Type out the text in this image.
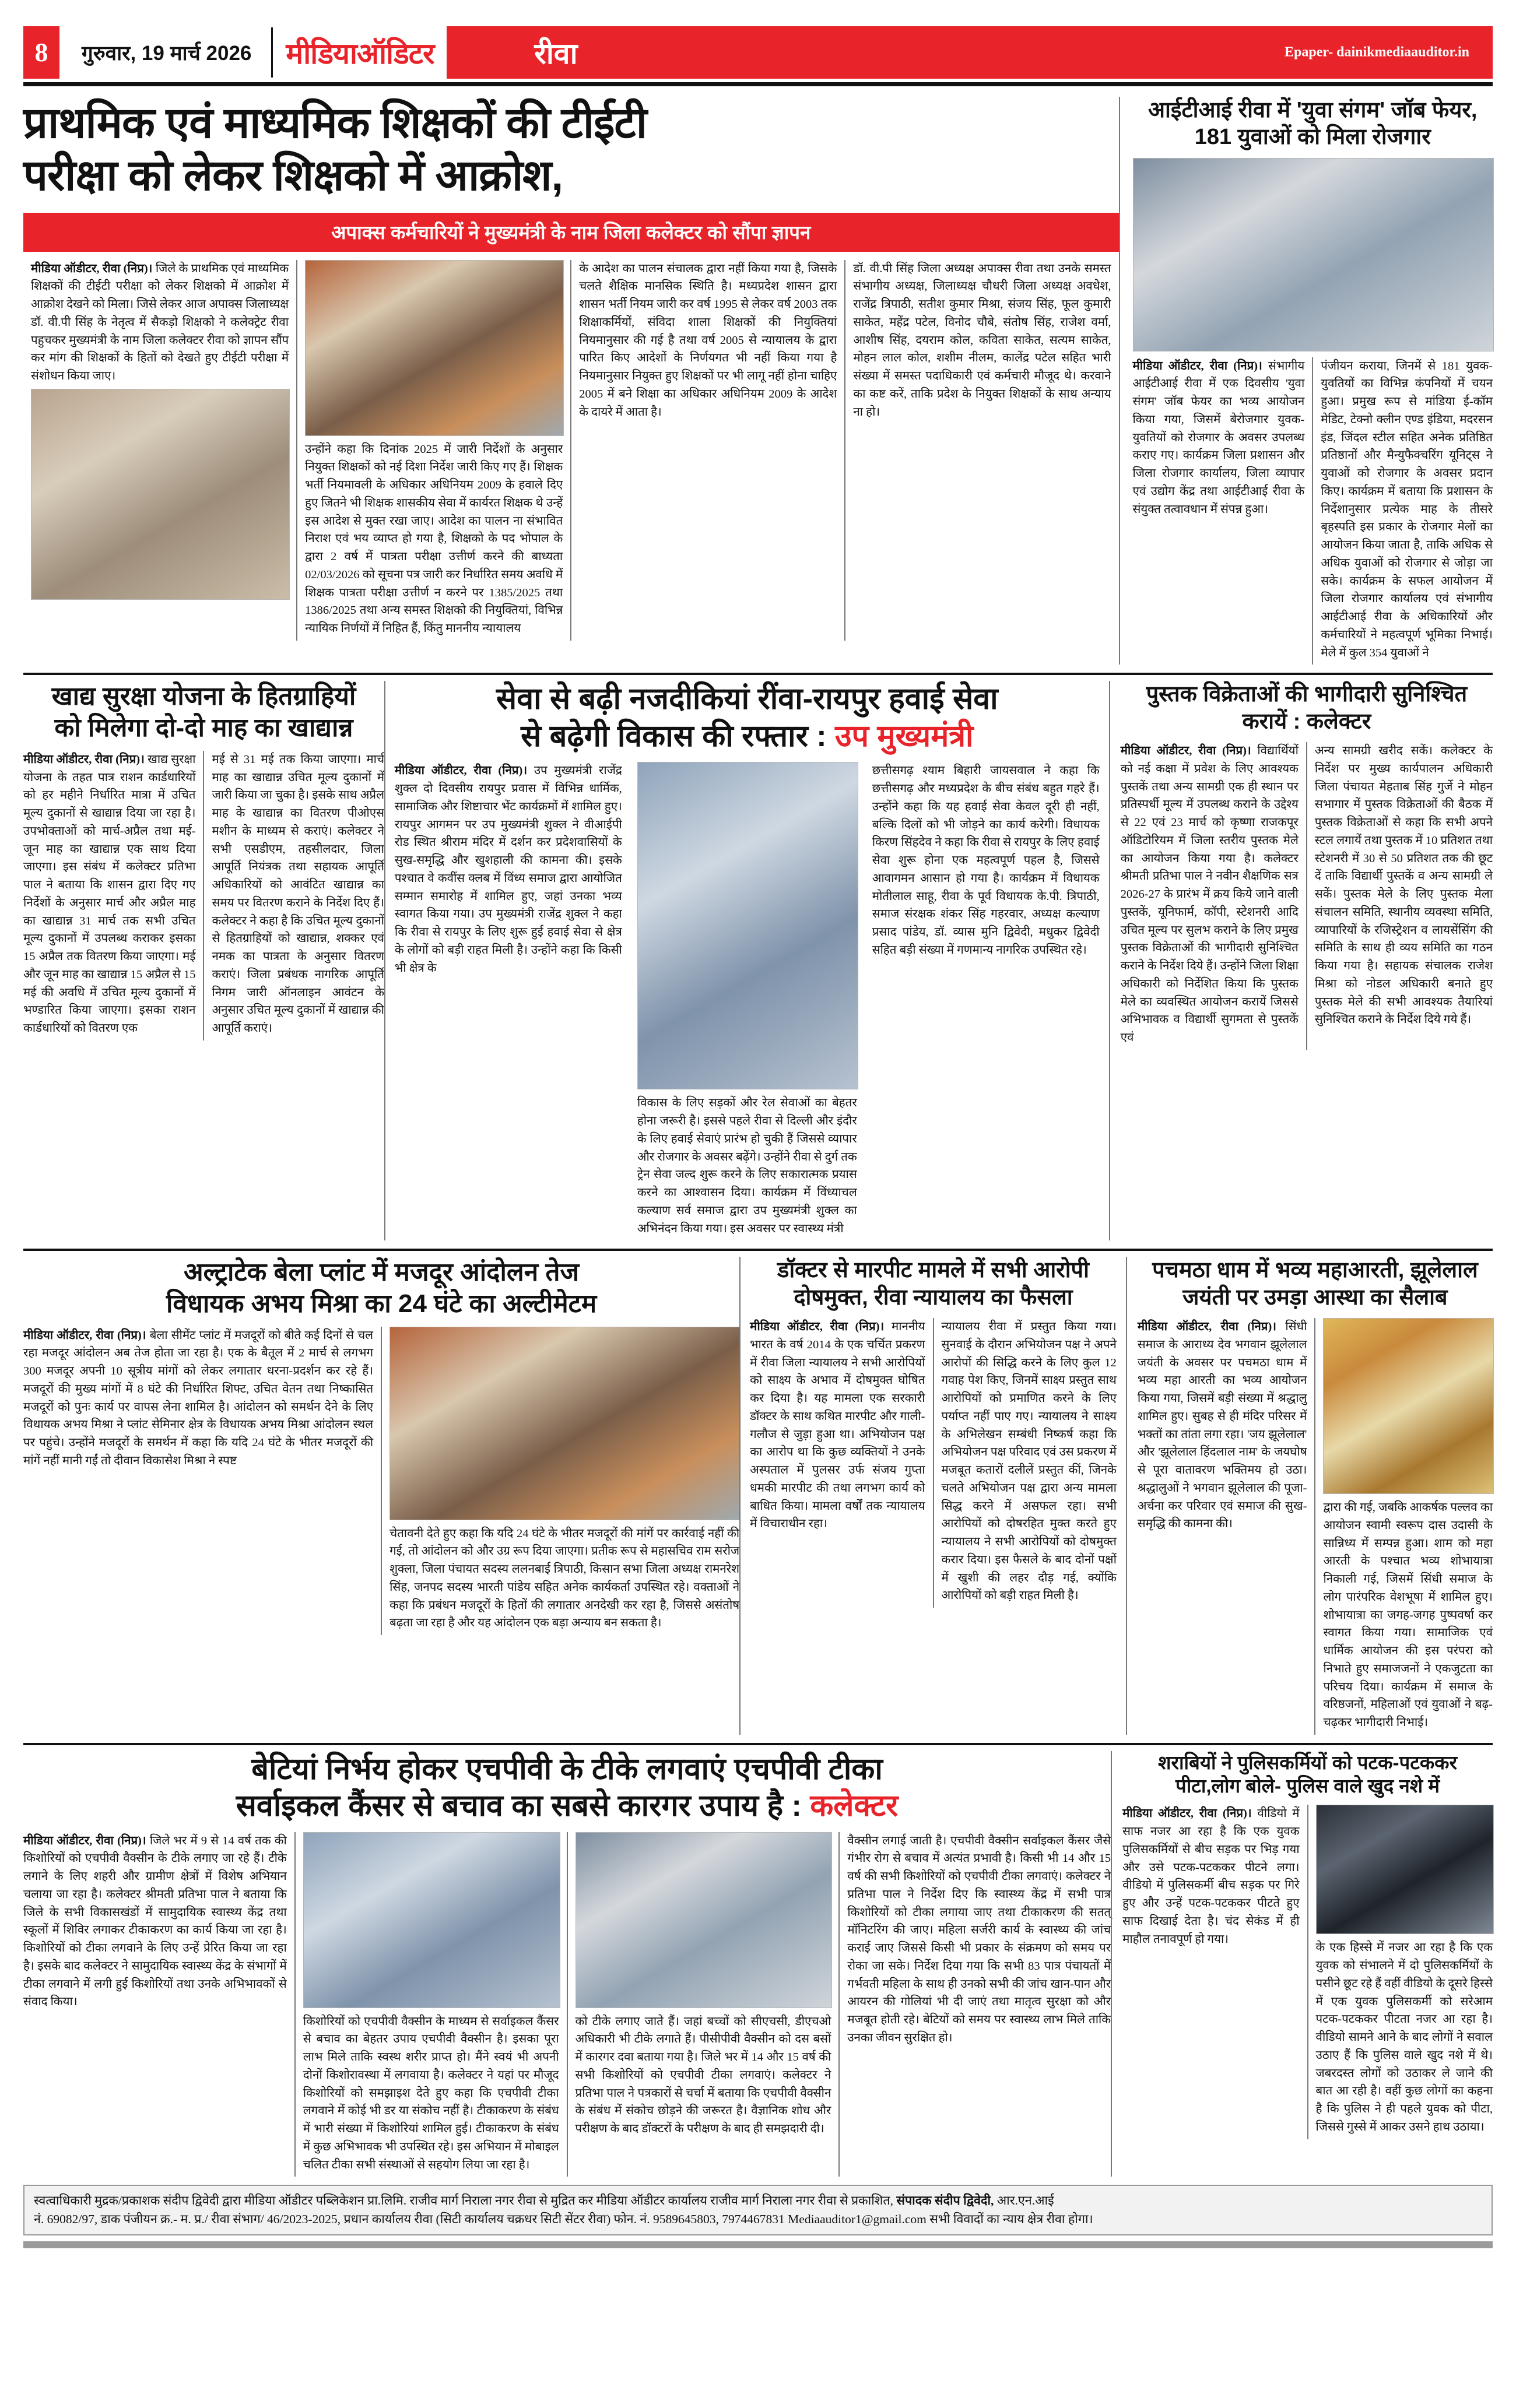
8	गुरुवार, 19 मार्च 2026	मीडियाऑडिटर	रीवा	Epaper- dainikmediaauditor.in
प्राथमिक एवं माध्यमिक शिक्षकों की टीईटी
परीक्षा को लेकर शिक्षको में आक्रोश,
अपाक्स कर्मचारियों ने मुख्यमंत्री के नाम जिला कलेक्टर को सौंपा ज्ञापन

मीडिया ऑडीटर, रीवा (निप्र)। जिले के प्राथमिक एवं माध्यमिक शिक्षकों की टीईटी परीक्षा को लेकर शिक्षको में आक्रोश में आक्रोश देखने को मिला। जिसे लेकर आज अपाक्स जिलाध्यक्ष डॉ. वी.पी सिंह के नेतृत्व में सैकड़ो शिक्षको ने कलेक्ट्रेट रीवा पहुचकर मुख्यमंत्री के नाम जिला कलेक्टर रीवा को ज्ञापन सौंप कर मांग की शिक्षकों के हितों को देखते हुए टीईटी परीक्षा में संशोधन किया जाए।

उन्होंने कहा कि दिनांक 2025 में जारी निर्देशों के अनुसार नियुक्त शिक्षकों को नई दिशा निर्देश जारी किए गए हैं। शिक्षक भर्ती नियमावली के अधिकार अधिनियम 2009 के हवाले दिए हुए जितने भी शिक्षक शासकीय सेवा में कार्यरत शिक्षक थे उन्हें इस आदेश से मुक्त रखा जाए। आदेश का पालन ना संभावित निराश एवं भय व्याप्त हो गया है, शिक्षको के पद भोपाल के द्वारा 2 वर्ष में पात्रता परीक्षा उत्तीर्ण करने की बाध्यता 02/03/2026 को सूचना पत्र जारी कर निर्धारित समय अवधि में शिक्षक पात्रता परीक्षा उत्तीर्ण न करने पर 1385/2025 तथा 1386/2025 तथा अन्य समस्त शिक्षको की नियुक्तियां, विभिन्न न्यायिक निर्णयों में निहित हैं, किंतु माननीय न्यायालय

के आदेश का पालन संचालक द्वारा नहीं किया गया है, जिसके चलते शैक्षिक मानसिक स्थिति है। मध्यप्रदेश शासन द्वारा शासन भर्ती नियम जारी कर वर्ष 1995 से लेकर वर्ष 2003 तक शिक्षाकर्मियों, संविदा शाला शिक्षकों की नियुक्तियां नियमानुसार की गई है तथा वर्ष 2005 से न्यायालय के द्वारा पारित किए आदेशों के निर्णयगत भी नहीं किया गया है नियमानुसार नियुक्त हुए शिक्षकों पर भी लागू नहीं होना चाहिए 2005 में बने शिक्षा का अधिकार अधिनियम 2009 के आदेश के दायरे में आता है।

डॉ. वी.पी सिंह जिला अध्यक्ष अपाक्स रीवा तथा उनके समस्त संभागीय अध्यक्ष, जिलाध्यक्ष चौधरी जिला अध्यक्ष अवधेश, राजेंद्र त्रिपाठी, सतीश कुमार मिश्रा, संजय सिंह, फूल कुमारी साकेत, महेंद्र पटेल, विनोद चौबे, संतोष सिंह, राजेश वर्मा, आशीष सिंह, दयराम कोल, कविता साकेत, सत्यम साकेत, मोहन लाल कोल, शशीम नीलम, कालेंद्र पटेल सहित भारी संख्या में समस्त पदाधिकारी एवं कर्मचारी मौजूद थे। करवाने का कष्ट करें, ताकि प्रदेश के नियुक्त शिक्षकों के साथ अन्याय ना हो।

आईटीआई रीवा में 'युवा संगम' जॉब फेयर, 181 युवाओं को मिला रोजगार

मीडिया ऑडीटर, रीवा (निप्र)। संभागीय आईटीआई रीवा में एक दिवसीय 'युवा संगम' जॉब फेयर का भव्य आयोजन किया गया, जिसमें बेरोजगार युवक-युवतियों को रोजगार के अवसर उपलब्ध कराए गए। कार्यक्रम जिला प्रशासन और जिला रोजगार कार्यालय, जिला व्यापार एवं उद्योग केंद्र तथा आईटीआई रीवा के संयुक्त तत्वावधान में संपन्न हुआ।

पंजीयन कराया, जिनमें से 181 युवक-युवतियों का विभिन्न कंपनियों में चयन हुआ। प्रमुख रूप से मांडिया ई-कॉम मेडिट, टेक्नो क्लीन एण्ड इंडिया, मदरसन इंड, जिंदल स्टील सहित अनेक प्रतिष्ठित प्रतिष्ठानों और मैन्युफैक्चरिंग यूनिट्स ने युवाओं को रोजगार के अवसर प्रदान किए। कार्यक्रम में बताया कि प्रशासन के निर्देशानुसार प्रत्येक माह के तीसरे बृहस्पति इस प्रकार के रोजगार मेलों का आयोजन किया जाता है, ताकि अधिक से अधिक युवाओं को रोजगार से जोड़ा जा सके। कार्यक्रम के सफल आयोजन में जिला रोजगार कार्यालय एवं संभागीय आईटीआई रीवा के अधिकारियों और कर्मचारियों ने महत्वपूर्ण भूमिका निभाई। मेले में कुल 354 युवाओं ने

खाद्य सुरक्षा योजना के हितग्राहियों
को मिलेगा दो-दो माह का खाद्यान्न

मीडिया ऑडीटर, रीवा (निप्र)। खाद्य सुरक्षा योजना के तहत पात्र राशन कार्डधारियों को हर महीने निर्धारित मात्रा में उचित मूल्य दुकानों से खाद्यान्न दिया जा रहा है। उपभोक्ताओं को मार्च-अप्रैल तथा मई-जून माह का खाद्यान्न एक साथ दिया जाएगा। इस संबंध में कलेक्टर प्रतिभा पाल ने बताया कि शासन द्वारा दिए गए निर्देशों के अनुसार मार्च और अप्रैल माह का खाद्यान्न 31 मार्च तक सभी उचित मूल्य दुकानों में उपलब्ध कराकर इसका 15 अप्रैल तक वितरण किया जाएगा। मई और जून माह का खाद्यान्न 15 अप्रैल से 15 मई की अवधि में उचित मूल्य दुकानों में भण्डारित किया जाएगा। इसका राशन कार्डधारियों को वितरण एक

मई से 31 मई तक किया जाएगा। मार्च माह का खाद्यान्न उचित मूल्य दुकानों में जारी किया जा चुका है। इसके साथ अप्रैल माह के खाद्यान्न का वितरण पीओएस मशीन के माध्यम से कराएं। कलेक्टर ने सभी एसडीएम, तहसीलदार, जिला आपूर्ति नियंत्रक तथा सहायक आपूर्ति अधिकारियों को आवंटित खाद्यान्न का समय पर वितरण कराने के निर्देश दिए हैं। कलेक्टर ने कहा है कि उचित मूल्य दुकानों से हितग्राहियों को खाद्यान्न, शक्कर एवं नमक का पात्रता के अनुसार वितरण कराएं। जिला प्रबंधक नागरिक आपूर्ति निगम जारी ऑनलाइन आवंटन के अनुसार उचित मूल्य दुकानों में खाद्यान्न की आपूर्ति कराएं।

सेवा से बढ़ी नजदीकियां रींवा-रायपुर हवाई सेवा
से बढ़ेगी विकास की रफ्तार : उप मुख्यमंत्री

मीडिया ऑडीटर, रीवा (निप्र)। उप मुख्यमंत्री राजेंद्र शुक्ल दो दिवसीय रायपुर प्रवास में विभिन्न धार्मिक, सामाजिक और शिष्टाचार भेंट कार्यक्रमों में शामिल हुए। रायपुर आगमन पर उप मुख्यमंत्री शुक्ल ने वीआईपी रोड स्थित श्रीराम मंदिर में दर्शन कर प्रदेशवासियों के सुख-समृद्धि और खुशहाली की कामना की। इसके पश्चात वे कवींस क्लब में विंध्य समाज द्वारा आयोजित सम्मान समारोह में शामिल हुए, जहां उनका भव्य स्वागत किया गया। उप मुख्यमंत्री राजेंद्र शुक्ल ने कहा कि रीवा से रायपुर के लिए शुरू हुई हवाई सेवा से क्षेत्र के लोगों को बड़ी राहत मिली है। उन्होंने कहा कि किसी भी क्षेत्र के

विकास के लिए सड़कों और रेल सेवाओं का बेहतर होना जरूरी है। इससे पहले रीवा से दिल्ली और इंदौर के लिए हवाई सेवाएं प्रारंभ हो चुकी हैं जिससे व्यापार और रोजगार के अवसर बढ़ेंगे। उन्होंने रीवा से दुर्ग तक ट्रेन सेवा जल्द शुरू करने के लिए सकारात्मक प्रयास करने का आश्वासन दिया। कार्यक्रम में विंध्याचल कल्याण सर्व समाज द्वारा उप मुख्यमंत्री शुक्ल का अभिनंदन किया गया। इस अवसर पर स्वास्थ्य मंत्री

छत्तीसगढ़ श्याम बिहारी जायसवाल ने कहा कि छत्तीसगढ़ और मध्यप्रदेश के बीच संबंध बहुत गहरे हैं। उन्होंने कहा कि यह हवाई सेवा केवल दूरी ही नहीं, बल्कि दिलों को भी जोड़ने का कार्य करेगी। विधायक किरण सिंहदेव ने कहा कि रीवा से रायपुर के लिए हवाई सेवा शुरू होना एक महत्वपूर्ण पहल है, जिससे आवागमन आसान हो गया है। कार्यक्रम में विधायक मोतीलाल साहू, रीवा के पूर्व विधायक के.पी. त्रिपाठी, समाज संरक्षक शंकर सिंह गहरवार, अध्यक्ष कल्याण प्रसाद पांडेय, डॉ. व्यास मुनि द्विवेदी, मधुकर द्विवेदी सहित बड़ी संख्या में गणमान्य नागरिक उपस्थित रहे।

पुस्तक विक्रेताओं की भागीदारी सुनिश्चित
करायें : कलेक्टर

मीडिया ऑडीटर, रीवा (निप्र)। विद्यार्थियों को नई कक्षा में प्रवेश के लिए आवश्यक पुस्तकें तथा अन्य सामग्री एक ही स्थान पर प्रतिस्पर्धी मूल्य में उपलब्ध कराने के उद्देश्य से 22 एवं 23 मार्च को कृष्णा राजकपूर ऑडिटोरियम में जिला स्तरीय पुस्तक मेले का आयोजन किया गया है। कलेक्टर श्रीमती प्रतिभा पाल ने नवीन शैक्षणिक सत्र 2026-27 के प्रारंभ में क्रय किये जाने वाली पुस्तकें, यूनिफार्म, कॉपी, स्टेशनरी आदि उचित मूल्य पर सुलभ कराने के लिए प्रमुख पुस्तक विक्रेताओं की भागीदारी सुनिश्चित कराने के निर्देश दिये हैं। उन्होंने जिला शिक्षा अधिकारी को निर्देशित किया कि पुस्तक मेले का व्यवस्थित आयोजन करायें जिससे अभिभावक व विद्यार्थी सुगमता से पुस्तकें एवं

अन्य सामग्री खरीद सकें। कलेक्टर के निर्देश पर मुख्य कार्यपालन अधिकारी जिला पंचायत मेहताब सिंह गुर्जे ने मोहन सभागार में पुस्तक विक्रेताओं की बैठक में पुस्तक विक्रेताओं से कहा कि सभी अपने स्टल लगायें तथा पुस्तक में 10 प्रतिशत तथा स्टेशनरी में 30 से 50 प्रतिशत तक की छूट दें ताकि विद्यार्थी पुस्तकें व अन्य सामग्री ले सकें। पुस्तक मेले के लिए पुस्तक मेला संचालन समिति, स्थानीय व्यवस्था समिति, व्यापारियों के रजिस्ट्रेशन व लायसेंसिंग की समिति के साथ ही व्यय समिति का गठन किया गया है। सहायक संचालक राजेश मिश्रा को नोडल अधिकारी बनाते हुए पुस्तक मेले की सभी आवश्यक तैयारियां सुनिश्चित कराने के निर्देश दिये गये हैं।

अल्ट्राटेक बेला प्लांट में मजदूर आंदोलन तेज
विधायक अभय मिश्रा का 24 घंटे का अल्टीमेटम

मीडिया ऑडीटर, रीवा (निप्र)। बेला सीमेंट प्लांट में मजदूरों को बीते कई दिनों से चल रहा मजदूर आंदोलन अब तेज होता जा रहा है। एक के बैतूल में 2 मार्च से लगभग 300 मजदूर अपनी 10 सूत्रीय मांगों को लेकर लगातार धरना-प्रदर्शन कर रहे हैं। मजदूरों की मुख्य मांगों में 8 घंटे की निर्धारित शिफ्ट, उचित वेतन तथा निष्कासित मजदूरों को पुनः कार्य पर वापस लेना शामिल है। आंदोलन को समर्थन देने के लिए विधायक अभय मिश्रा ने प्लांट सेमिनार क्षेत्र के विधायक अभय मिश्रा आंदोलन स्थल पर पहुंचे। उन्होंने मजदूरों के समर्थन में कहा कि यदि 24 घंटे के भीतर मजदूरों की मांगें नहीं मानी गईं तो दीवान विकासेश मिश्रा ने स्पष्ट

चेतावनी देते हुए कहा कि यदि 24 घंटे के भीतर मजदूरों की मांगें पर कार्रवाई नहीं की गई, तो आंदोलन को और उग्र रूप दिया जाएगा। प्रतीक रूप से महासचिव राम सरोज शुक्ला, जिला पंचायत सदस्य ललनबाई त्रिपाठी, किसान सभा जिला अध्यक्ष रामनरेश सिंह, जनपद सदस्य भारती पांडेय सहित अनेक कार्यकर्ता उपस्थित रहे। वक्ताओं ने कहा कि प्रबंधन मजदूरों के हितों की लगातार अनदेखी कर रहा है, जिससे असंतोष बढ़ता जा रहा है और यह आंदोलन एक बड़ा अन्याय बन सकता है।

डॉक्टर से मारपीट मामले में सभी आरोपी
दोषमुक्त, रीवा न्यायालय का फैसला

मीडिया ऑडीटर, रीवा (निप्र)। माननीय भारत के वर्ष 2014 के एक चर्चित प्रकरण में रीवा जिला न्यायालय ने सभी आरोपियों को साक्ष्य के अभाव में दोषमुक्त घोषित कर दिया है। यह मामला एक सरकारी डॉक्टर के साथ कथित मारपीट और गाली-गलौज से जुड़ा हुआ था। अभियोजन पक्ष का आरोप था कि कुछ व्यक्तियों ने उनके अस्पताल में पुलसर उर्फ संजय गुप्ता धमकी मारपीट की तथा लगभग कार्य को बाधित किया। मामला वर्षों तक न्यायालय में विचाराधीन रहा।

न्यायालय रीवा में प्रस्तुत किया गया। सुनवाई के दौरान अभियोजन पक्ष ने अपने आरोपों की सिद्धि करने के लिए कुल 12 गवाह पेश किए, जिनमें साक्ष्य प्रस्तुत साथ आरोपियों को प्रमाणित करने के लिए पर्याप्त नहीं पाए गए। न्यायालय ने साक्ष्य के अभिलेखन सम्बंधी निष्कर्ष कहा कि अभियोजन पक्ष परिवाद एवं उस प्रकरण में मजबूत कतारों दलीलें प्रस्तुत कीं, जिनके चलते अभियोजन पक्ष द्वारा अन्य मामला सिद्ध करने में असफल रहा। सभी आरोपियों को दोषरहित मुक्त करते हुए न्यायालय ने सभी आरोपियों को दोषमुक्त करार दिया। इस फैसले के बाद दोनों पक्षों में खुशी की लहर दौड़ गई, क्योंकि आरोपियों को बड़ी राहत मिली है।

पचमठा धाम में भव्य महाआरती, झूलेलाल
जयंती पर उमड़ा आस्था का सैलाब

मीडिया ऑडीटर, रीवा (निप्र)। सिंधी समाज के आराध्य देव भगवान झूलेलाल जयंती के अवसर पर पचमठा धाम में भव्य महा आरती का भव्य आयोजन किया गया, जिसमें बड़ी संख्या में श्रद्धालु शामिल हुए। सुबह से ही मंदिर परिसर में भक्तों का तांता लगा रहा। 'जय झूलेलाल' और 'झूलेलाल हिंदलाल नाम' के जयघोष से पूरा वातावरण भक्तिमय हो उठा। श्रद्धालुओं ने भगवान झूलेलाल की पूजा-अर्चना कर परिवार एवं समाज की सुख-समृद्धि की कामना की।

द्वारा की गई, जबकि आकर्षक पल्लव का आयोजन स्वामी स्वरूप दास उदासी के सान्निध्य में सम्पन्न हुआ। शाम को महा आरती के पश्चात भव्य शोभायात्रा निकाली गई, जिसमें सिंधी समाज के लोग पारंपरिक वेशभूषा में शामिल हुए। शोभायात्रा का जगह-जगह पुष्पवर्षा कर स्वागत किया गया। सामाजिक एवं धार्मिक आयोजन की इस परंपरा को निभाते हुए समाजजनों ने एकजुटता का परिचय दिया। कार्यक्रम में समाज के वरिष्ठजनों, महिलाओं एवं युवाओं ने बढ़-चढ़कर भागीदारी निभाई।

बेटियां निर्भय होकर एचपीवी के टीके लगवाएं एचपीवी टीका
सर्वाइकल कैंसर से बचाव का सबसे कारगर उपाय है : कलेक्टर

मीडिया ऑडीटर, रीवा (निप्र)। जिले भर में 9 से 14 वर्ष तक की किशोरियों को एचपीवी वैक्सीन के टीके लगाए जा रहे हैं। टीके लगाने के लिए शहरी और ग्रामीण क्षेत्रों में विशेष अभियान चलाया जा रहा है। कलेक्टर श्रीमती प्रतिभा पाल ने बताया कि जिले के सभी विकासखंडों में सामुदायिक स्वास्थ्य केंद्र तथा स्कूलों में शिविर लगाकर टीकाकरण का कार्य किया जा रहा है। किशोरियों को टीका लगवाने के लिए उन्हें प्रेरित किया जा रहा है। इसके बाद कलेक्टर ने सामुदायिक स्वास्थ्य केंद्र के संभागों में टीका लगवाने में लगी हुई किशोरियों तथा उनके अभिभावकों से संवाद किया।

किशोरियों को एचपीवी वैक्सीन के माध्यम से सर्वाइकल कैंसर से बचाव का बेहतर उपाय एचपीवी वैक्सीन है। इसका पूरा लाभ मिले ताकि स्वस्थ शरीर प्राप्त हो। मैंने स्वयं भी अपनी दोनों किशोरावस्था में लगवाया है। कलेक्टर ने यहां पर मौजूद किशोरियों को समझाइश देते हुए कहा कि एचपीवी टीका लगवाने में कोई भी डर या संकोच नहीं है। टीकाकरण के संबंध में भारी संख्या में किशोरियां शामिल हुई। टीकाकरण के संबंध में कुछ अभिभावक भी उपस्थित रहे। इस अभियान में मोबाइल चलित टीका सभी संस्थाओं से सहयोग लिया जा रहा है।

को टीके लगाए जाते हैं। जहां बच्चों को सीएचसी, डीएचओ अधिकारी भी टीके लगाते हैं। पीसीपीवी वैक्सीन को दस बसों में कारगर दवा बताया गया है। जिले भर में 14 और 15 वर्ष की सभी किशोरियों को एचपीवी टीका लगवाएं। कलेक्टर ने प्रतिभा पाल ने पत्रकारों से चर्चा में बताया कि एचपीवी वैक्सीन के संबंध में संकोच छोड़ने की जरूरत है। वैज्ञानिक शोध और परीक्षण के बाद डॉक्टरों के परीक्षण के बाद ही समझदारी दी।

वैक्सीन लगाई जाती है। एचपीवी वैक्सीन सर्वाइकल कैंसर जैसे गंभीर रोग से बचाव में अत्यंत प्रभावी है। किसी भी 14 और 15 वर्ष की सभी किशोरियों को एचपीवी टीका लगवाएं। कलेक्टर ने प्रतिभा पाल ने निर्देश दिए कि स्वास्थ्य केंद्र में सभी पात्र किशोरियों को टीका लगाया जाए तथा टीकाकरण की सतत् मॉनिटरिंग की जाए। महिला सर्जरी कार्य के स्वास्थ्य की जांच कराई जाए जिससे किसी भी प्रकार के संक्रमण को समय पर रोका जा सके। निर्देश दिया गया कि सभी 83 पात्र पंचायतों में गर्भवती महिला के साथ ही उनको सभी की जांच खान-पान और आयरन की गोलियां भी दी जाएं तथा मातृत्व सुरक्षा को और मजबूत होती रहे। बेटियों को समय पर स्वास्थ्य लाभ मिले ताकि उनका जीवन सुरक्षित हो।

शराबियों ने पुलिसकर्मियों को पटक-पटककर
पीटा,लोग बोले- पुलिस वाले खुद नशे में

मीडिया ऑडीटर, रीवा (निप्र)। वीडियो में साफ नजर आ रहा है कि एक युवक पुलिसकर्मियों से बीच सड़क पर भिड़ गया और उसे पटक-पटककर पीटने लगा। वीडियो में पुलिसकर्मी बीच सड़क पर गिरे हुए और उन्हें पटक-पटककर पीटते हुए साफ दिखाई देता है। चंद सेकंड में ही माहौल तनावपूर्ण हो गया।

के एक हिस्से में नजर आ रहा है कि एक युवक को संभालने में दो पुलिसकर्मियों के पसीने छूट रहे हैं वहीं वीडियो के दूसरे हिस्से में एक युवक पुलिसकर्मी को सरेआम पटक-पटककर पीटता नजर आ रहा है। वीडियो सामने आने के बाद लोगों ने सवाल उठाए हैं कि पुलिस वाले खुद नशे में थे। जबरदस्त लोगों को उठाकर ले जाने की बात आ रही है। वहीं कुछ लोगों का कहना है कि पुलिस ने ही पहले युवक को पीटा, जिससे गुस्से में आकर उसने हाथ उठाया।

स्वत्वाधिकारी मुद्रक/प्रकाशक संदीप द्विवेदी द्वारा मीडिया ऑडीटर पब्लिकेशन प्रा.लिमि. राजीव मार्ग निराला नगर रीवा से मुद्रित कर मीडिया ऑडीटर कार्यालय राजीव मार्ग निराला नगर रीवा से प्रकाशित, संपादक संदीप द्विवेदी, आर.एन.आई
नं. 69082/97, डाक पंजीयन क्र.- म. प्र./ रीवा संभाग/ 46/2023-2025, प्रधान कार्यालय रीवा (सिटी कार्यालय चक्रधर सिटी सेंटर रीवा) फोन. नं. 9589645803, 7974467831 Mediaauditor1@gmail.com सभी विवादों का न्याय क्षेत्र रीवा होगा।
